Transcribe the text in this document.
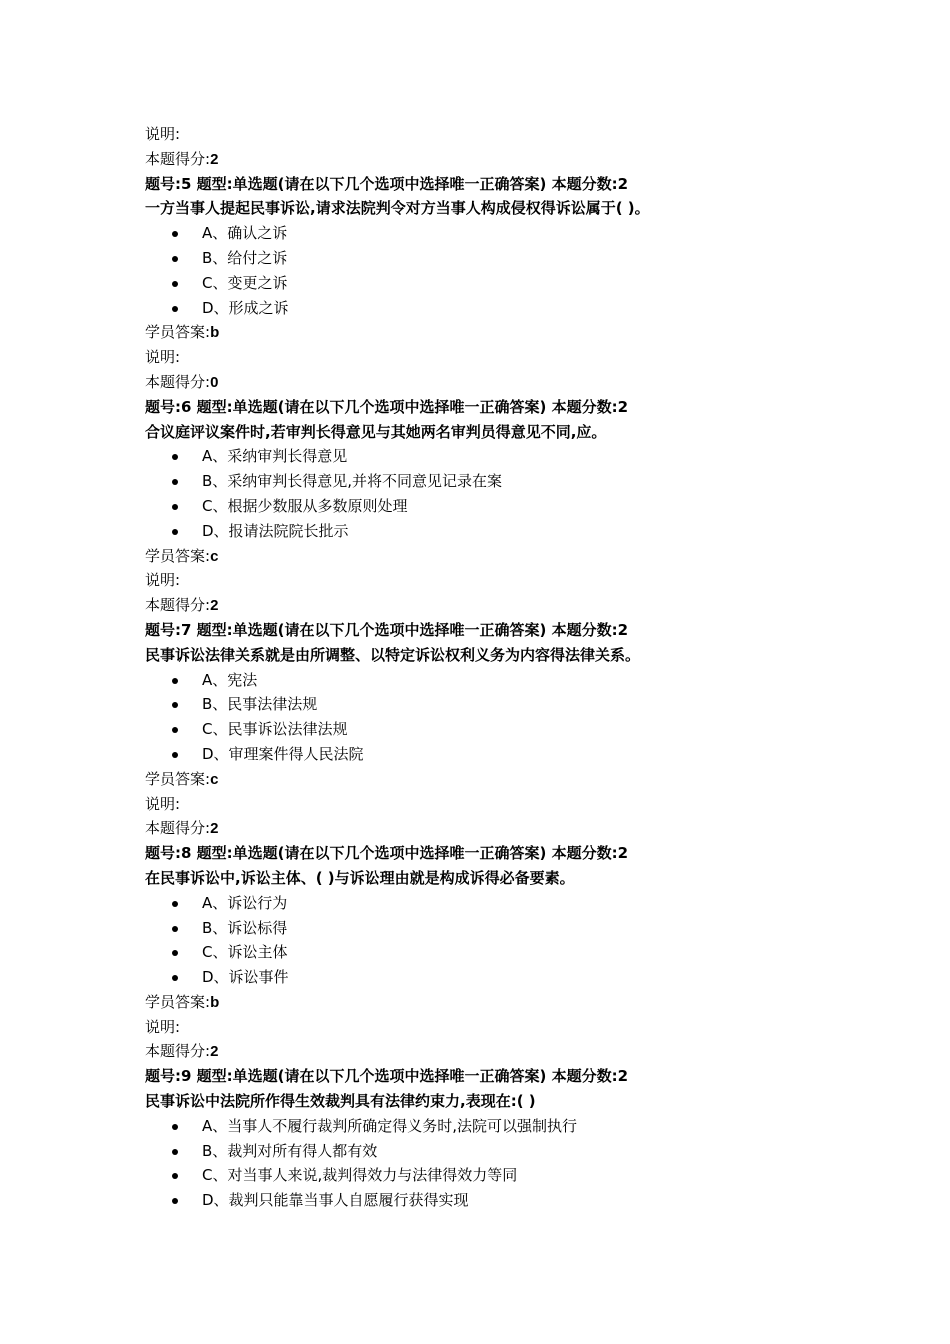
说明:
本题得分:2
题号:5 题型:单选题(请在以下几个选项中选择唯一正确答案) 本题分数:2
一方当事人提起民事诉讼,请求法院判令对方当事人构成侵权得诉讼属于( )。
A、确认之诉
B、给付之诉
C、变更之诉
D、形成之诉
学员答案:b
说明:
本题得分:0
题号:6 题型:单选题(请在以下几个选项中选择唯一正确答案) 本题分数:2
合议庭评议案件时,若审判长得意见与其她两名审判员得意见不同,应。
A、采纳审判长得意见
B、采纳审判长得意见,并将不同意见记录在案
C、根据少数服从多数原则处理
D、报请法院院长批示
学员答案:c
说明:
本题得分:2
题号:7 题型:单选题(请在以下几个选项中选择唯一正确答案) 本题分数:2
民事诉讼法律关系就是由所调整、以特定诉讼权利义务为内容得法律关系。
A、宪法
B、民事法律法规
C、民事诉讼法律法规
D、审理案件得人民法院
学员答案:c
说明:
本题得分:2
题号:8 题型:单选题(请在以下几个选项中选择唯一正确答案) 本题分数:2
在民事诉讼中,诉讼主体、( )与诉讼理由就是构成诉得必备要素。
A、诉讼行为
B、诉讼标得
C、诉讼主体
D、诉讼事件
学员答案:b
说明:
本题得分:2
题号:9 题型:单选题(请在以下几个选项中选择唯一正确答案) 本题分数:2
民事诉讼中法院所作得生效裁判具有法律约束力,表现在:( )
A、当事人不履行裁判所确定得义务时,法院可以强制执行
B、裁判对所有得人都有效
C、对当事人来说,裁判得效力与法律得效力等同
D、裁判只能靠当事人自愿履行获得实现
